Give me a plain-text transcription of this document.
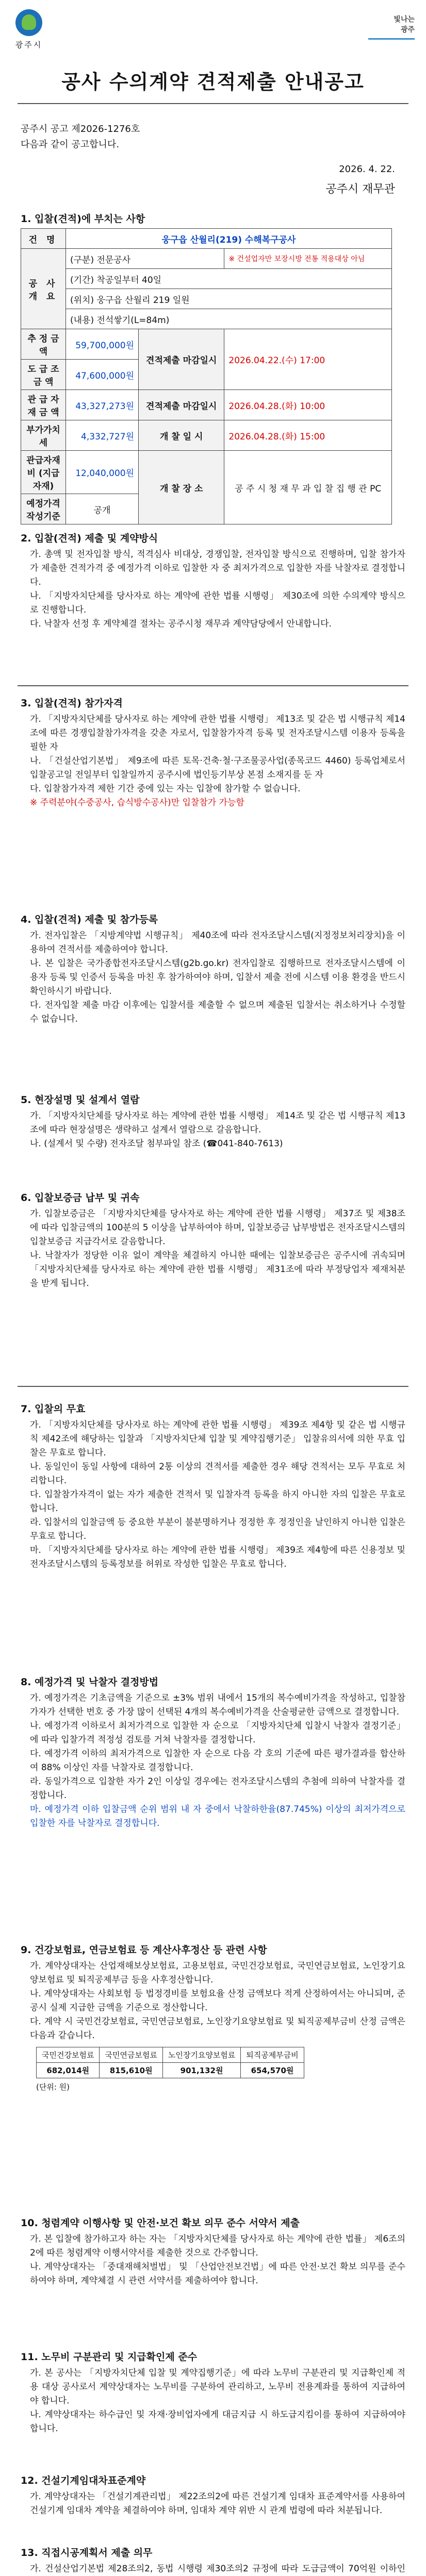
광주시
빛나는
광주
공사 수의계약 견적제출 안내공고
공주시 공고 제2026-1276호
다음과 같이 공고합니다.
2026. 4. 22.
공주시 재무관
1. 입찰(견적)에 부치는 사항
건 명	웅구읍 산월리(219) 수해복구공사		
공 사 개 요	(구분) 전문공사		※ 건설업자만 보장시방 전통 적용대상 아님
	(기간) 착공일부터 40일		
	(위치) 웅구읍 산월리 219 일원		
	(내용) 전석쌓기(L=84m)		
추 정 금 액	59,700,000원	견적제출 마감일시	2026.04.22.(수) 17:00
도 급 조 금 액	47,600,000원		
관 급 자 재 금 액	43,327,273원	견적제출 마감일시	2026.04.28.(화) 10:00
부가가치세	4,332,727원	개 찰 일 시	2026.04.28.(화) 15:00
관급자재비 (지급자재)	12,040,000원	개 찰 장 소	공 주 시 청 재 무 과 입 찰 집 행 관 PC
예정가격작성기준	공개		
2. 입찰(견적) 제출 및 계약방식

가. 총액 및 전자입찰 방식, 적격심사 비대상, 경쟁입찰, 전자입찰 방식으로 진행하며, 입찰 참가자가 제출한 견적가격 중 예정가격 이하로 입찰한 자 중 최저가격으로 입찰한 자를 낙찰자로 결정합니다.

나. 「지방자치단체를 당사자로 하는 계약에 관한 법률 시행령」 제30조에 의한 수의계약 방식으로 진행합니다.

다. 낙찰자 선정 후 계약체결 절차는 공주시청 재무과 계약담당에서 안내합니다.

3. 입찰(견적) 참가자격

가. 「지방자치단체를 당사자로 하는 계약에 관한 법률 시행령」 제13조 및 같은 법 시행규칙 제14조에 따른 경쟁입찰참가자격을 갖춘 자로서, 입찰참가자격 등록 및 전자조달시스템 이용자 등록을 필한 자

나. 「건설산업기본법」 제9조에 따른 토목·건축·철·구조물공사업(종목코드 4460) 등록업체로서 입찰공고일 전일부터 입찰일까지 공주시에 법인등기부상 본점 소재지를 둔 자

다. 입찰참가자격 제한 기간 중에 있는 자는 입찰에 참가할 수 없습니다.

※ 주력분야(수중공사, 습식방수공사)만 입찰참가 가능함

4. 입찰(견적) 제출 및 참가등록

가. 전자입찰은 「지방계약법 시행규칙」 제40조에 따라 전자조달시스템(지정정보처리장치)을 이용하여 견적서를 제출하여야 합니다.

나. 본 입찰은 국가종합전자조달시스템(g2b.go.kr) 전자입찰로 집행하므로 전자조달시스템에 이용자 등록 및 인증서 등록을 마친 후 참가하여야 하며, 입찰서 제출 전에 시스템 이용 환경을 반드시 확인하시기 바랍니다.

다. 전자입찰 제출 마감 이후에는 입찰서를 제출할 수 없으며 제출된 입찰서는 취소하거나 수정할 수 없습니다.

5. 현장설명 및 설계서 열람

가. 「지방자치단체를 당사자로 하는 계약에 관한 법률 시행령」 제14조 및 같은 법 시행규칙 제13조에 따라 현장설명은 생략하고 설계서 열람으로 갈음합니다.

나. (설계서 및 수량) 전자조달 첨부파일 참조 (☎041-840-7613)

6. 입찰보증금 납부 및 귀속

가. 입찰보증금은 「지방자치단체를 당사자로 하는 계약에 관한 법률 시행령」 제37조 및 제38조에 따라 입찰금액의 100분의 5 이상을 납부하여야 하며, 입찰보증금 납부방법은 전자조달시스템의 입찰보증금 지급각서로 갈음합니다.

나. 낙찰자가 정당한 이유 없이 계약을 체결하지 아니한 때에는 입찰보증금은 공주시에 귀속되며 「지방자치단체를 당사자로 하는 계약에 관한 법률 시행령」 제31조에 따라 부정당업자 제재처분을 받게 됩니다.

7. 입찰의 무효

가. 「지방자치단체를 당사자로 하는 계약에 관한 법률 시행령」 제39조 제4항 및 같은 법 시행규칙 제42조에 해당하는 입찰과 「지방자치단체 입찰 및 계약집행기준」 입찰유의서에 의한 무효 입찰은 무효로 합니다.

나. 동일인이 동일 사항에 대하여 2통 이상의 견적서를 제출한 경우 해당 견적서는 모두 무효로 처리합니다.

다. 입찰참가자격이 없는 자가 제출한 견적서 및 입찰자격 등록을 하지 아니한 자의 입찰은 무효로 합니다.

라. 입찰서의 입찰금액 등 중요한 부분이 불분명하거나 정정한 후 정정인을 날인하지 아니한 입찰은 무효로 합니다.

마. 「지방자치단체를 당사자로 하는 계약에 관한 법률 시행령」 제39조 제4항에 따른 신용정보 및 전자조달시스템의 등록정보를 허위로 작성한 입찰은 무효로 합니다.

8. 예정가격 및 낙찰자 결정방법

가. 예정가격은 기초금액을 기준으로 ±3% 범위 내에서 15개의 복수예비가격을 작성하고, 입찰참가자가 선택한 번호 중 가장 많이 선택된 4개의 복수예비가격을 산술평균한 금액으로 결정합니다.

나. 예정가격 이하로서 최저가격으로 입찰한 자 순으로 「지방자치단체 입찰시 낙찰자 결정기준」에 따라 입찰가격 적정성 검토를 거쳐 낙찰자를 결정합니다.

다. 예정가격 이하의 최저가격으로 입찰한 자 순으로 다음 각 호의 기준에 따른 평가결과를 합산하여 88% 이상인 자를 낙찰자로 결정합니다.

라. 동일가격으로 입찰한 자가 2인 이상일 경우에는 전자조달시스템의 추첨에 의하여 낙찰자를 결정합니다.

마. 예정가격 이하 입찰금액 순위 범위 내 자 중에서 낙찰하한율(87.745%) 이상의 최저가격으로 입찰한 자를 낙찰자로 결정합니다.

9. 건강보험료, 연금보험료 등 계산사후정산 등 관련 사항

가. 계약상대자는 산업재해보상보험료, 고용보험료, 국민건강보험료, 국민연금보험료, 노인장기요양보험료 및 퇴직공제부금 등을 사후정산합니다.

나. 계약상대자는 사회보험 등 법정경비를 보험요율 산정 금액보다 적게 산정하여서는 아니되며, 준공시 실제 지급한 금액을 기준으로 정산합니다.

다. 계약 시 국민건강보험료, 국민연금보험료, 노인장기요양보험료 및 퇴직공제부금비 산정 금액은 다음과 같습니다.

국민건강보험료	국민연금보험료	노인장기요양보험료	퇴직공제부금비
682,014원	815,610원	901,132원	654,570원
(단위: 원)
10. 청렴계약 이행사항 및 안전·보건 확보 의무 준수 서약서 제출

가. 본 입찰에 참가하고자 하는 자는 「지방자치단체를 당사자로 하는 계약에 관한 법률」 제6조의2에 따른 청렴계약 이행서약서를 제출한 것으로 간주합니다.

나. 계약상대자는 「중대재해처벌법」 및 「산업안전보건법」에 따른 안전·보건 확보 의무를 준수하여야 하며, 계약체결 시 관련 서약서를 제출하여야 합니다.

11. 노무비 구분관리 및 지급확인제 준수

가. 본 공사는 「지방자치단체 입찰 및 계약집행기준」에 따라 노무비 구분관리 및 지급확인제 적용 대상 공사로서 계약상대자는 노무비를 구분하여 관리하고, 노무비 전용계좌를 통하여 지급하여야 합니다.

나. 계약상대자는 하수급인 및 자재·장비업자에게 대금지급 시 하도급지킴이를 통하여 지급하여야 합니다.

12. 건설기계임대차표준계약

가. 계약상대자는 「건설기계관리법」 제22조의2에 따른 건설기계 임대차 표준계약서를 사용하여 건설기계 임대차 계약을 체결하여야 하며, 임대차 계약 위반 시 관계 법령에 따라 처분됩니다.

13. 직접시공계획서 제출 의무

가. 건설산업기본법 제28조의2, 동법 시행령 제30조의2 규정에 따라 도급금액이 70억원 이하인
